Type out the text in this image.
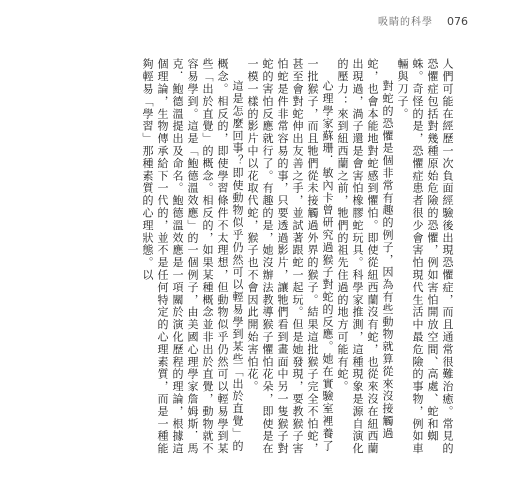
吸睛的科學 076

人們可能在經歷一次負面經驗後出現恐懼症，而且通常很難治癒。常見的恐懼症包括對幾種原始危險的恐懼，例如害怕開放空間、高處、蛇和蜘蛛。奇怪的是，恐懼症患者很少會害怕現代生活中最危險的事物，例如車輛與刀子。

對蛇的恐懼是個非常有趣的例子，因為有些動物就算從來沒接觸過蛇，也會本能地對蛇感到懼怕。即使從紐西蘭沒有蛇，也從來沒在紐西蘭出現過，渦子還是會害怕橡膠蛇玩具。科學家推測，這種現象是源自演化的壓力：來到紐西蘭之前，牠們的祖先住過的地方可能有蛇。

心理學家蘇珊．敏內卡曾研究過猴子對蛇的反應。她在實驗室裡養了一批猴子，而且牠們從未接觸過外界的猴子。結果這批猴子完全不怕蛇，甚至會對蛇伸出友善之手，並試著跟蛇一起玩。但是她發現，要教猴子害怕蛇是件非常容易的事，只要透過影片，讓牠們看到畫面中另一隻猴子對蛇的害怕反應就行了。有趣的是，她沒辦法教導猴子懼怕花朵，即使是在一模一樣的影片中以花取代蛇，猴子也不會因此開始害怕花。

這是怎麼回事？即使動物似乎仍然可以輕易學到某些「出於直覺」的概念。相反的，即使學習條件不太理想，但動物似乎仍然可以輕易學到某些「出於直覺」的概念。相反的，如果某種概念並非出於直覺，動物就不容易學到。這是「鮑德溫效應」的一個例子，由美國心理學家詹姆斯．馬克．鮑德溫提出及命名。鮑德溫效應是一項關於演化歷程的理論，根據這個理論，生物傳承給下一代的，並不是任何特定的心理素質，而是一種能夠輕易「學習」那種素質的心理狀態。以
